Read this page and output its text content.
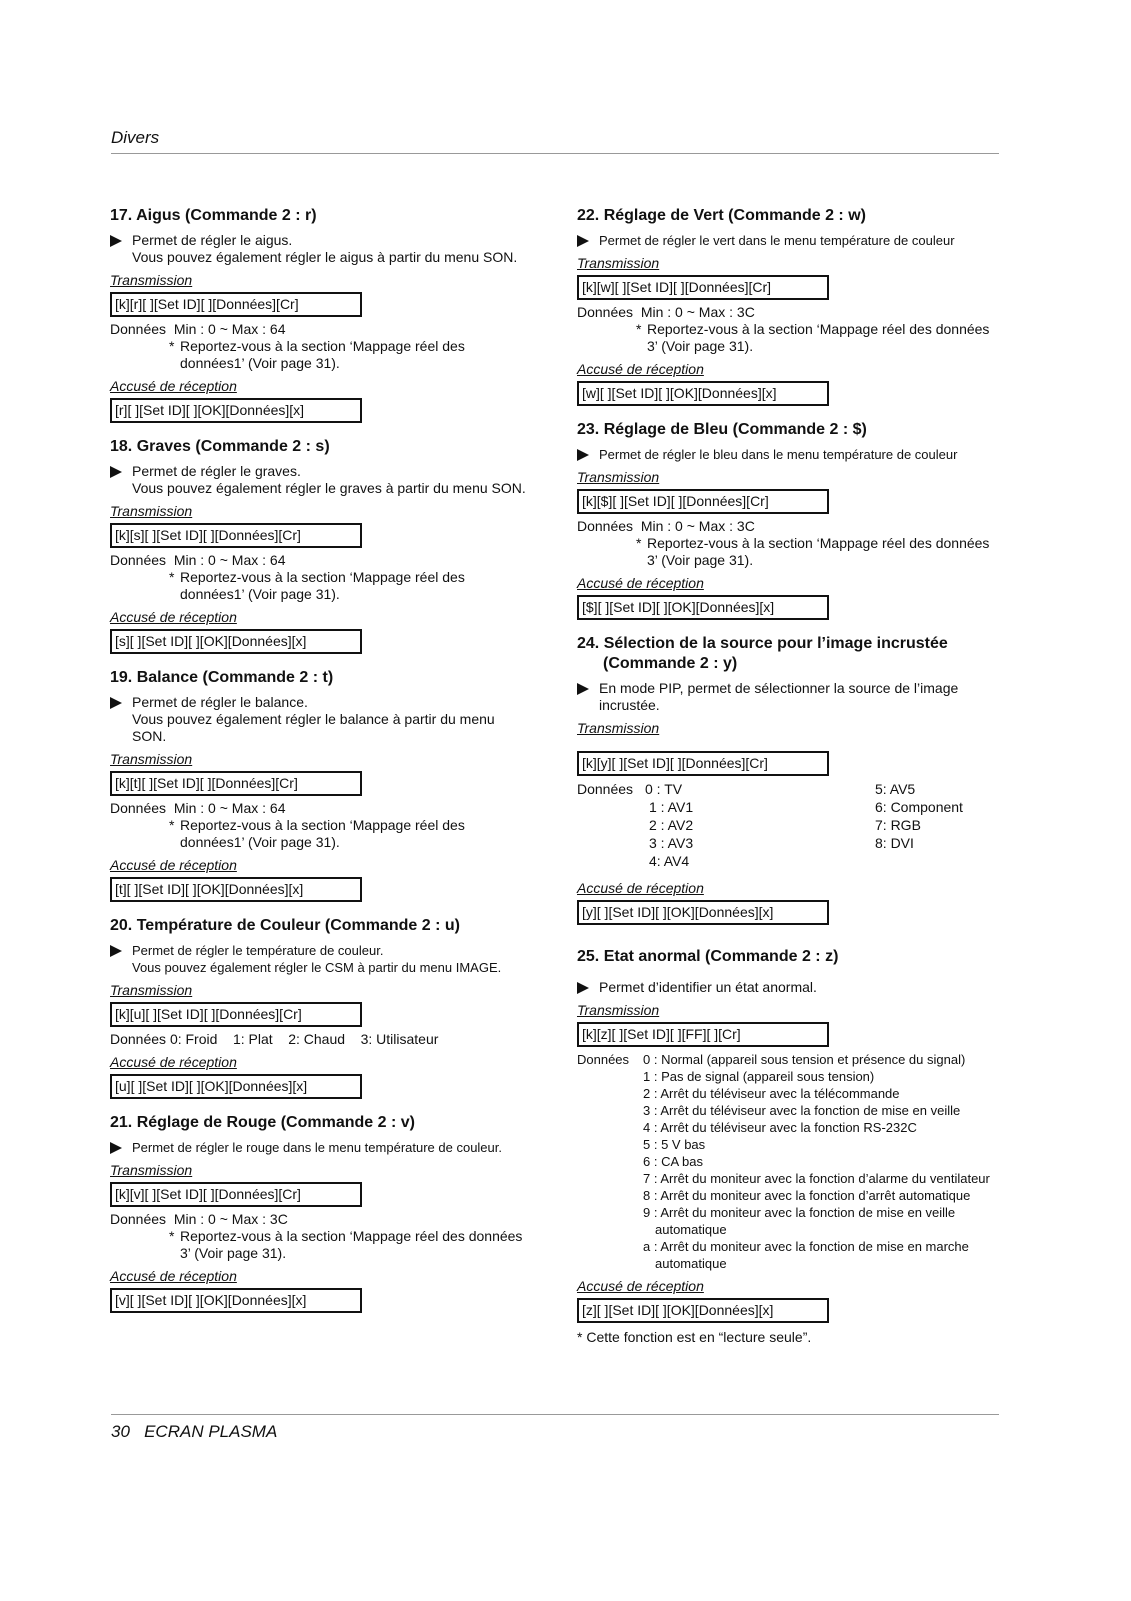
Divers
17. Aigus (Commande 2 : r)
Permet de régler le aigus.
Vous pouvez également régler le aigus à partir du menu SON.
Transmission
[k][r][ ][Set ID][ ][Données][Cr]
Données Min : 0 ~ Max : 64
* Reportez-vous à la section ‘Mappage réel des données1’ (Voir page 31).
Accusé de réception
[r][ ][Set ID][ ][OK][Données][x]
18. Graves (Commande 2 : s)
Permet de régler le graves.
Vous pouvez également régler le graves à partir du menu SON.
Transmission
[k][s][ ][Set ID][ ][Données][Cr]
Données Min : 0 ~ Max : 64
* Reportez-vous à la section ‘Mappage réel des données1’ (Voir page 31).
Accusé de réception
[s][ ][Set ID][ ][OK][Données][x]
19. Balance (Commande 2 : t)
Permet de régler le balance.
Vous pouvez également régler le balance à partir du menu SON.
Transmission
[k][t][ ][Set ID][ ][Données][Cr]
Données Min : 0 ~ Max : 64
* Reportez-vous à la section ‘Mappage réel des données1’ (Voir page 31).
Accusé de réception
[t][ ][Set ID][ ][OK][Données][x]
20. Température de Couleur (Commande 2 : u)
Permet de régler le température de couleur.
Vous pouvez également régler le CSM à partir du menu IMAGE.
Transmission
[k][u][ ][Set ID][ ][Données][Cr]
Données 0: Froid    1: Plat    2: Chaud    3: Utilisateur
Accusé de réception
[u][ ][Set ID][ ][OK][Données][x]
21. Réglage de Rouge (Commande 2 : v)
Permet de régler le rouge dans le menu température de couleur.
Transmission
[k][v][ ][Set ID][ ][Données][Cr]
Données Min : 0 ~ Max : 3C
* Reportez-vous à la section ‘Mappage réel des données 3’ (Voir page 31).
Accusé de réception
[v][ ][Set ID][ ][OK][Données][x]
22. Réglage de Vert (Commande 2 : w)
Permet de régler le vert dans le menu température de couleur
Transmission
[k][w][ ][Set ID][ ][Données][Cr]
Données Min : 0 ~ Max : 3C
* Reportez-vous à la section ‘Mappage réel des données 3’ (Voir page 31).
Accusé de réception
[w][ ][Set ID][ ][OK][Données][x]
23. Réglage de Bleu (Commande 2 : $)
Permet de régler le bleu dans le menu température de couleur
Transmission
[k][$][ ][Set ID][ ][Données][Cr]
Données Min : 0 ~ Max : 3C
* Reportez-vous à la section ‘Mappage réel des données 3’ (Voir page 31).
Accusé de réception
[$][ ][Set ID][ ][OK][Données][x]
24. Sélection de la source pour l’image incrustée (Commande 2 : y)
En mode PIP, permet de sélectionner la source de l’image incrustée.
Transmission
[k][y][ ][Set ID][ ][Données][Cr]
Données 0 : TV
1 : AV1
2 : AV2
3 : AV3
4: AV4
5: AV5
6: Component
7: RGB
8: DVI
Accusé de réception
[y][ ][Set ID][ ][OK][Données][x]
25. Etat anormal (Commande 2 : z)
Permet d’identifier un état anormal.
Transmission
[k][z][ ][Set ID][ ][FF][ ][Cr]
Données	0 : Normal (appareil sous tension et présence du signal)
1 : Pas de signal (appareil sous tension)
2 : Arrêt du téléviseur avec la télécommande
3 : Arrêt du téléviseur avec la fonction de mise en veille
4 : Arrêt du téléviseur avec la fonction RS-232C
5 : 5 V bas
6 : CA bas
7 : Arrêt du moniteur avec la fonction d’alarme du ventilateur
8 : Arrêt du moniteur avec la fonction d’arrêt automatique
9 : Arrêt du moniteur avec la fonction de mise en veille automatique
a : Arrêt du moniteur avec la fonction de mise en marche automatique
Accusé de réception
[z][ ][Set ID][ ][OK][Données][x]
* Cette fonction est en “lecture seule”.
30 ECRAN PLASMA
